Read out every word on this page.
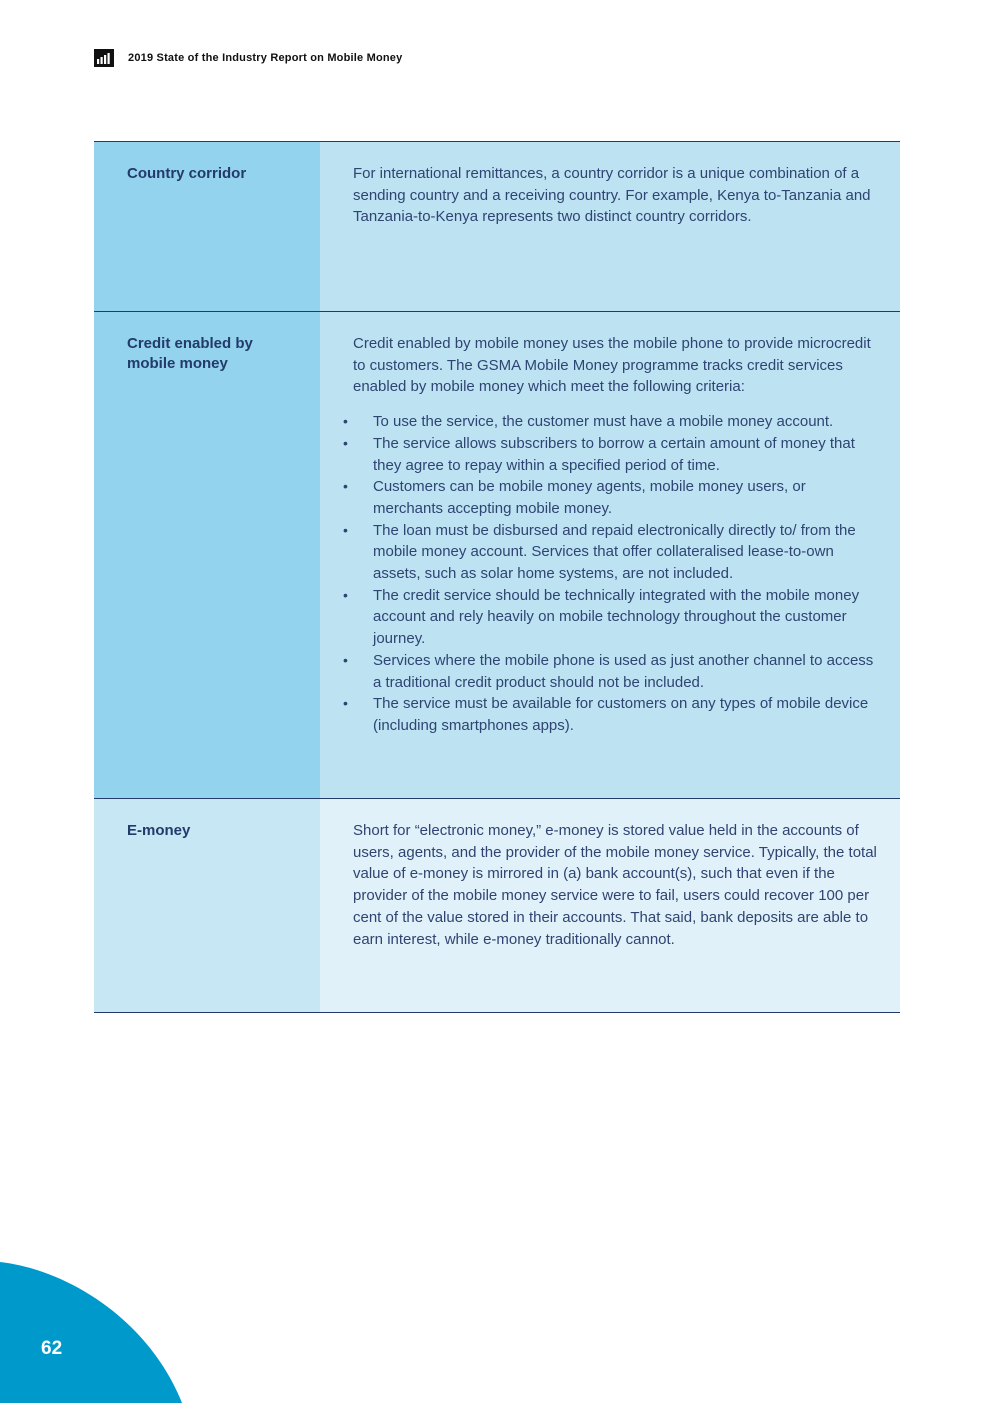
2019 State of the Industry Report on Mobile Money
Country corridor	For international remittances, a country corridor is a unique combination of a sending country and a receiving country. For example, Kenya to-Tanzania and Tanzania-to-Kenya represents two distinct country corridors.

Credit enabled by mobile money

Credit enabled by mobile money uses the mobile phone to provide microcredit to customers. The GSMA Mobile Money programme tracks credit services enabled by mobile money which meet the following criteria:

• To use the service, the customer must have a mobile money account.
• The service allows subscribers to borrow a certain amount of money that they agree to repay within a specified period of time.
• Customers can be mobile money agents, mobile money users, or merchants accepting mobile money.
• The loan must be disbursed and repaid electronically directly to/ from the mobile money account. Services that offer collateralised lease-to-own assets, such as solar home systems, are not included.
• The credit service should be technically integrated with the mobile money account and rely heavily on mobile technology throughout the customer journey.
• Services where the mobile phone is used as just another channel to access a traditional credit product should not be included.
• The service must be available for customers on any types of mobile device (including smartphones apps).
E-money	Short for “electronic money,” e-money is stored value held in the accounts of users, agents, and the provider of the mobile money service. Typically, the total value of e-money is mirrored in (a) bank account(s), such that even if the provider of the mobile money service were to fail, users could recover 100 per cent of the value stored in their accounts. That said, bank deposits are able to earn interest, while e-money traditionally cannot.

62
